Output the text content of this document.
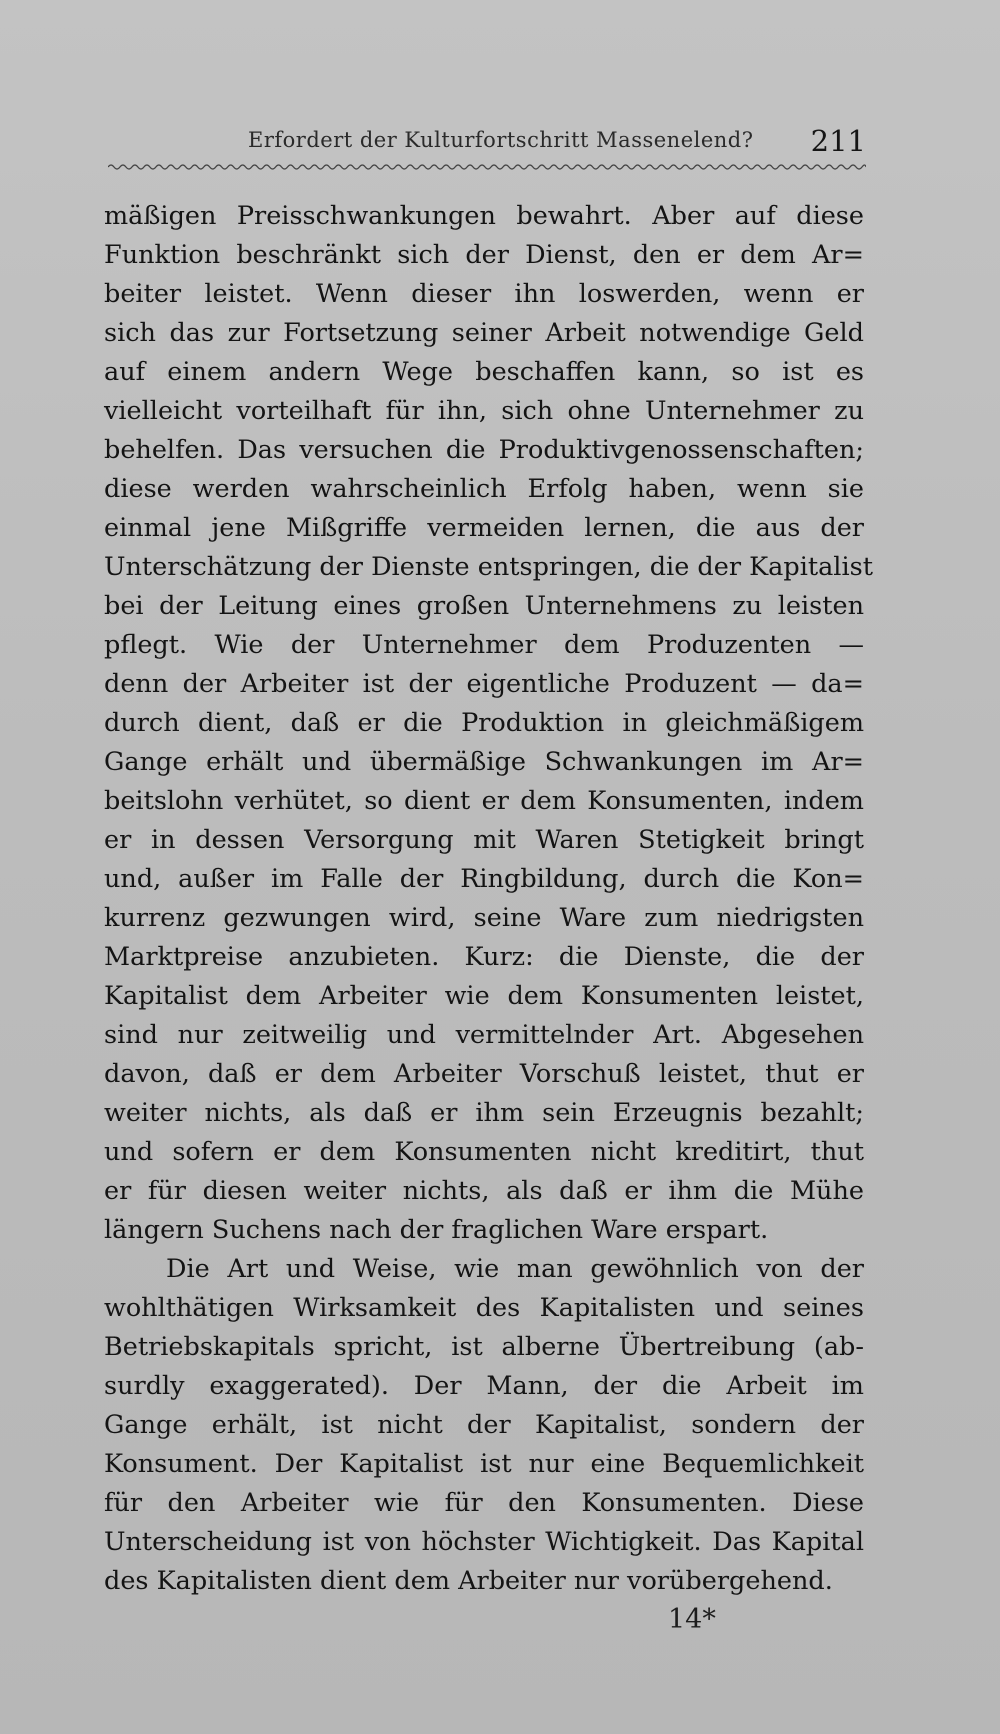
Erfordert der Kulturfortschritt Massenelend? 211
mäßigen Preisschwankungen bewahrt. Aber auf diese
Funktion beschränkt sich der Dienst, den er dem Ar=
beiter leistet. Wenn dieser ihn loswerden, wenn er
sich das zur Fortsetzung seiner Arbeit notwendige Geld
auf einem andern Wege beschaffen kann, so ist es
vielleicht vorteilhaft für ihn, sich ohne Unternehmer zu
behelfen. Das versuchen die Produktivgenossenschaften;
diese werden wahrscheinlich Erfolg haben, wenn sie
einmal jene Mißgriffe vermeiden lernen, die aus der
Unterschätzung der Dienste entspringen, die der Kapitalist
bei der Leitung eines großen Unternehmens zu leisten
pflegt. Wie der Unternehmer dem Produzenten —
denn der Arbeiter ist der eigentliche Produzent — da=
durch dient, daß er die Produktion in gleichmäßigem
Gange erhält und übermäßige Schwankungen im Ar=
beitslohn verhütet, so dient er dem Konsumenten, indem
er in dessen Versorgung mit Waren Stetigkeit bringt
und, außer im Falle der Ringbildung, durch die Kon=
kurrenz gezwungen wird, seine Ware zum niedrigsten
Marktpreise anzubieten. Kurz: die Dienste, die der
Kapitalist dem Arbeiter wie dem Konsumenten leistet,
sind nur zeitweilig und vermittelnder Art. Abgesehen
davon, daß er dem Arbeiter Vorschuß leistet, thut er
weiter nichts, als daß er ihm sein Erzeugnis bezahlt;
und sofern er dem Konsumenten nicht kreditirt, thut
er für diesen weiter nichts, als daß er ihm die Mühe
längern Suchens nach der fraglichen Ware erspart.
Die Art und Weise, wie man gewöhnlich von der
wohlthätigen Wirksamkeit des Kapitalisten und seines
Betriebskapitals spricht, ist alberne Übertreibung (ab-
surdly exaggerated). Der Mann, der die Arbeit im
Gange erhält, ist nicht der Kapitalist, sondern der
Konsument. Der Kapitalist ist nur eine Bequemlichkeit
für den Arbeiter wie für den Konsumenten. Diese
Unterscheidung ist von höchster Wichtigkeit. Das Kapital
des Kapitalisten dient dem Arbeiter nur vorübergehend.
14*
